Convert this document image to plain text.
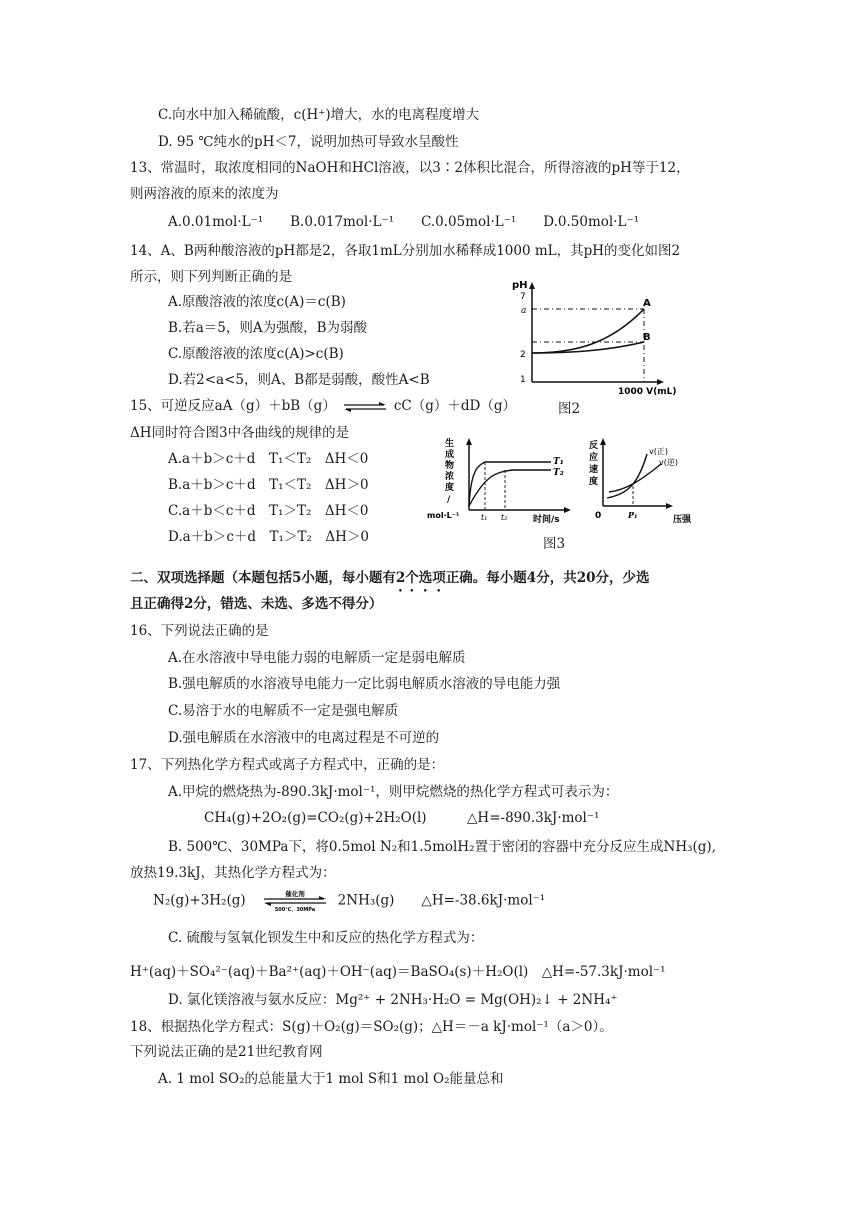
C.向水中加入稀硫酸，c(H⁺)增大，水的电离程度增大
D. 95 ℃纯水的pH＜7，说明加热可导致水呈酸性
13、常温时，取浓度相同的NaOH和HCl溶液，以3∶2体积比混合，所得溶液的pH等于12，
则两溶液的原来的浓度为
A.0.01mol·L⁻¹　　B.0.017mol·L⁻¹　　C.0.05mol·L⁻¹　　D.0.50mol·L⁻¹
14、A、B两种酸溶液的pH都是2，各取1mL分别加水稀释成1000 mL，其pH的变化如图2
所示，则下列判断正确的是
A.原酸溶液的浓度c(A)＝c(B)
B.若a＝5，则A为强酸，B为弱酸
C.原酸溶液的浓度c(A)>c(B)
D.若2<a<5，则A、B都是弱酸，酸性A<B
pH
7
a
2
1
A
B
1000 V(mL)
图2
15、可逆反应aA（g）＋bB（g） ⇌ cC（g）＋dD（g）
ΔH同时符合图3中各曲线的规律的是
A.a＋b＞c＋d　T₁＜T₂　ΔH＜0
B.a＋b＞c＋d　T₁＜T₂　ΔH＞0
C.a＋b＜c＋d　T₁＞T₂　ΔH＜0
D.a＋b＞c＋d　T₁＞T₂　ΔH＞0
生
成
物
浓
度
/
mol·L⁻¹	t₁ t₂
T₁
T₂
时间/s
反
应
速
度
v(正)
v(逆)
0	P₁	压强
图3
二、双项选择题（本题包括5小题，每小题有2个选项正确。每小题4分，共20分，少选
且正确得2分，错选、未选、多选不得分）
16、下列说法正确的是
A.在水溶液中导电能力弱的电解质一定是弱电解质
B.强电解质的水溶液导电能力一定比弱电解质水溶液的导电能力强
C.易溶于水的电解质不一定是强电解质
D.强电解质在水溶液中的电离过程是不可逆的
17、下列热化学方程式或离子方程式中，正确的是：
A.甲烷的燃烧热为-890.3kJ·mol⁻¹，则甲烷燃烧的热化学方程式可表示为：
CH₄(g)+2O₂(g)=CO₂(g)+2H₂O(l)　　　△H=-890.3kJ·mol⁻¹
B. 500℃、30MPa下，将0.5mol N₂和1.5molH₂置于密闭的容器中充分反应生成NH₃(g),
放热19.3kJ，其热化学方程式为：
N₂(g)+3H₂(g)	催化剂
500℃、30MPa
2NH₃(g)　　△H=-38.6kJ·mol⁻¹
C. 硫酸与氢氧化钡发生中和反应的热化学方程式为：
H⁺(aq)＋SO₄²⁻(aq)＋Ba²⁺(aq)＋OH⁻(aq)＝BaSO₄(s)＋H₂O(l)　△H=-57.3kJ·mol⁻¹
D. 氯化镁溶液与氨水反应：Mg²⁺ + 2NH₃·H₂O = Mg(OH)₂↓ + 2NH₄⁺
18、根据热化学方程式：S(g)＋O₂(g)＝SO₂(g)；△H＝－a kJ·mol⁻¹（a＞0）。
下列说法正确的是21世纪教育网
A. 1 mol SO₂的总能量大于1 mol S和1 mol O₂能量总和
